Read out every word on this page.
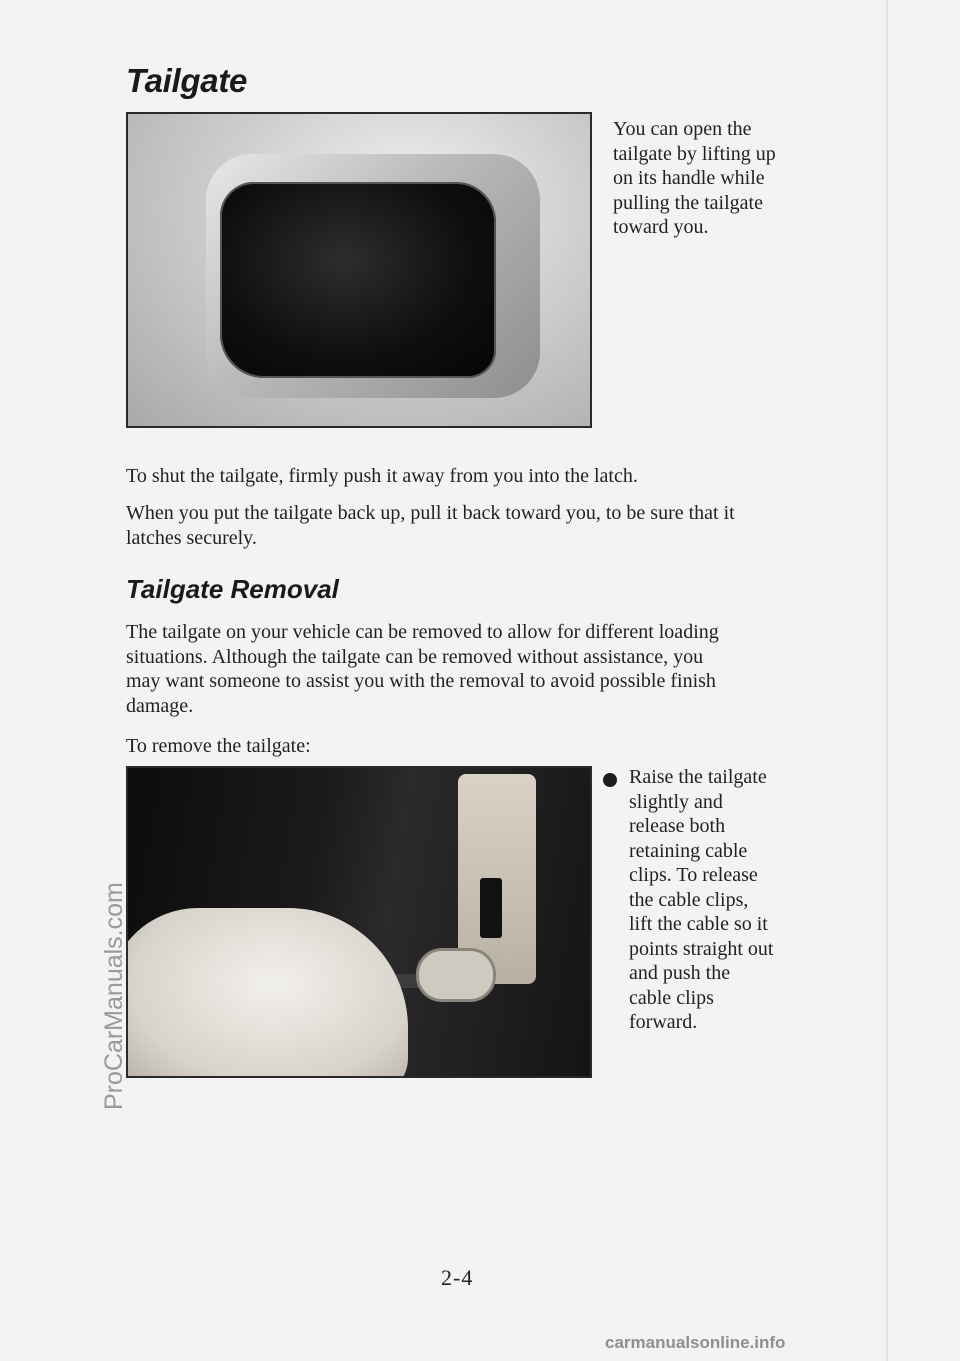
Tailgate
You can open the
tailgate by lifting up
on its handle while
pulling the tailgate
toward you.
To shut the tailgate, firmly push it away from you into the latch.
When you put the tailgate back up, pull it back toward you, to be sure that it
latches securely.
Tailgate Removal
The tailgate on your vehicle can be removed to allow for different loading
situations. Although the tailgate can be removed without assistance, you
may want someone to assist you with the removal to avoid possible finish
damage.
To remove the tailgate:
Raise the tailgate
slightly and
release both
retaining cable
clips. To release
the cable clips,
lift the cable so it
points straight out
and push the
cable clips
forward.
2-4
ProCarManuals.com
carmanualsonline.info
